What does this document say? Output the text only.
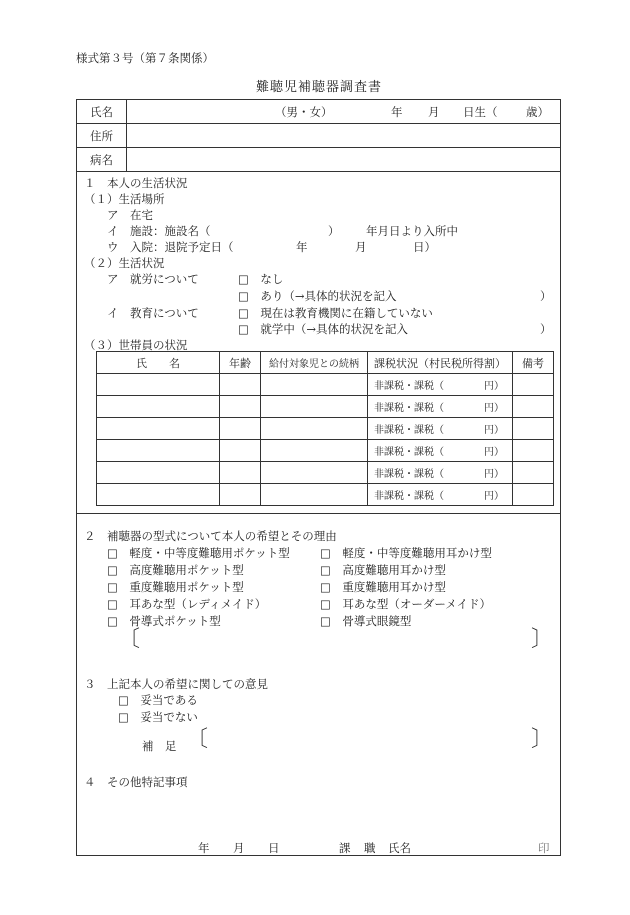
様式第３号（第７条関係）
難聴児補聴器調査書
氏名	（男・女）	年 月 日生（ 歳）
住所
病名
１　本人の生活状況
（１）生活場所
ア　在宅
イ　施設：施設名（	） 年月日より入所中
ウ　入院：退院予定日（	年	月	日）
（２）生活状況
ア　就労について	□　なし
□　あり（→具体的状況を記入	）
イ　教育について	□　現在は教育機関に在籍していない
□　就学中（→具体的状況を記入	）
（３）世帯員の状況
氏　　名	年齢	給付対象児との続柄	課税状況（村民税所得割）	備考
			非課税・課税（ 円）	
			非課税・課税（ 円）	
			非課税・課税（ 円）	
			非課税・課税（ 円）	
			非課税・課税（ 円）	
			非課税・課税（ 円）	
２　補聴器の型式について本人の希望とその理由
□　軽度・中等度難聴用ポケット型
□　高度難聴用ポケット型
□　重度難聴用ポケット型
□　耳あな型（レディメイド）
□　骨導式ポケット型
□　軽度・中等度難聴用耳かけ型
□　高度難聴用耳かけ型
□　重度難聴用耳かけ型
□　耳あな型（オーダーメイド）
□　骨導式眼鏡型
〔	〕
３　上記本人の希望に関しての意見
□　妥当である
□　妥当でない
補　足 〔	〕
４　その他特記事項
年 月 日	課 職 氏名	印
